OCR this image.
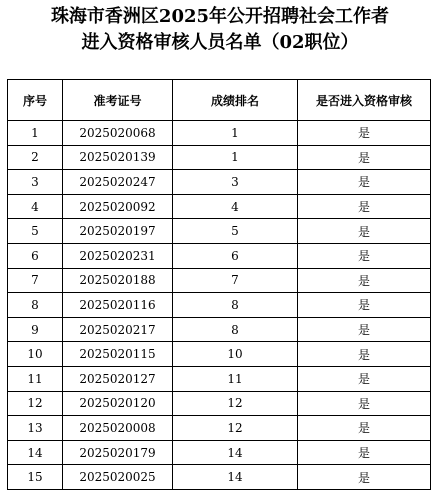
珠海市香洲区2025年公开招聘社会工作者
进入资格审核人员名单（02职位）
序号	准考证号	成绩排名	是否进入资格审核
1	2025020068	1	是
2	2025020139	1	是
3	2025020247	3	是
4	2025020092	4	是
5	2025020197	5	是
6	2025020231	6	是
7	2025020188	7	是
8	2025020116	8	是
9	2025020217	8	是
10	2025020115	10	是
11	2025020127	11	是
12	2025020120	12	是
13	2025020008	12	是
14	2025020179	14	是
15	2025020025	14	是
